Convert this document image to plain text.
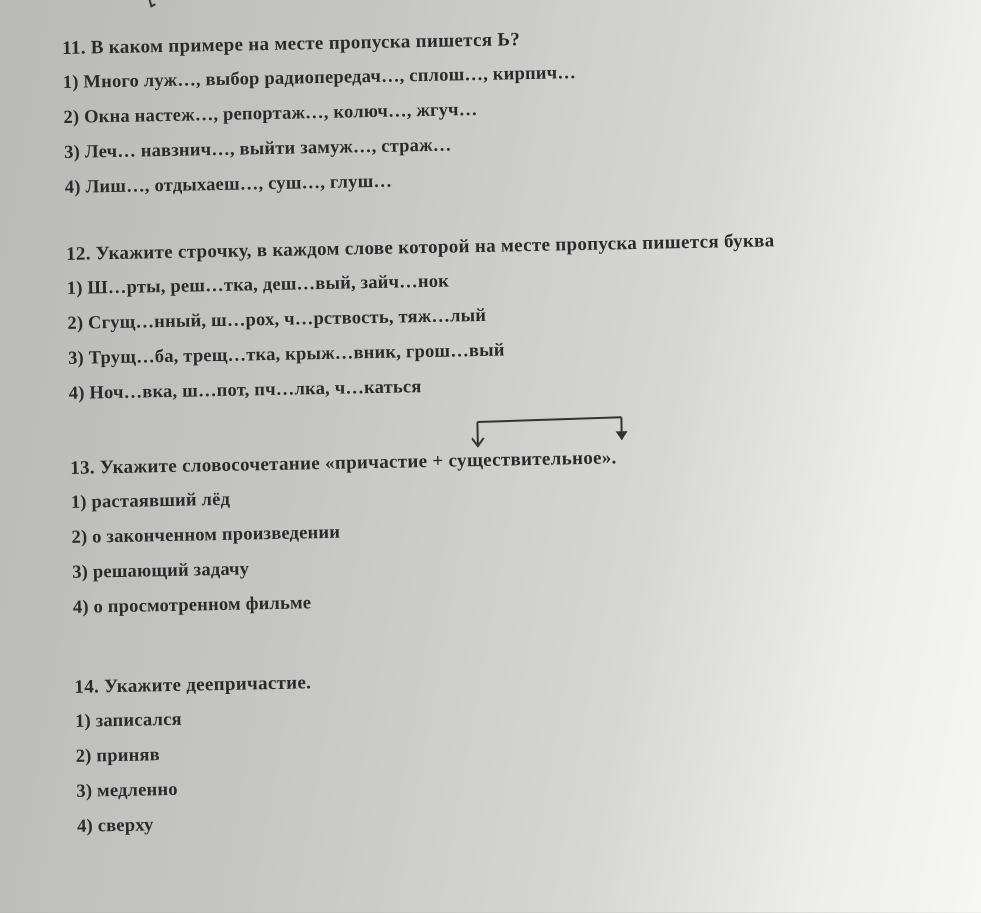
11. В каком примере на месте пропуска пишется Ь?
1) Много луж…, выбор радиопередач…, сплош…, кирпич…
2) Окна настеж…, репортаж…, колюч…, жгуч…
3) Леч… навзнич…, выйти замуж…, страж…
4) Лиш…, отдыхаеш…, суш…, глуш…
12. Укажите строчку, в каждом слове которой на месте пропуска пишется буква
1) Ш…рты, реш…тка, деш…вый, зайч…нок
2) Сгущ…нный, ш…рох, ч…рствость, тяж…лый
3) Трущ…ба, трещ…тка, крыж…вник, грош…вый
4) Ноч…вка, ш…пот, пч…лка, ч…каться
13. Укажите словосочетание «причастие + существительное».
1) растаявший лёд
2) о законченном произведении
3) решающий задачу
4) о просмотренном фильме
14. Укажите деепричастие.
1) записался
2) приняв
3) медленно
4) сверху
